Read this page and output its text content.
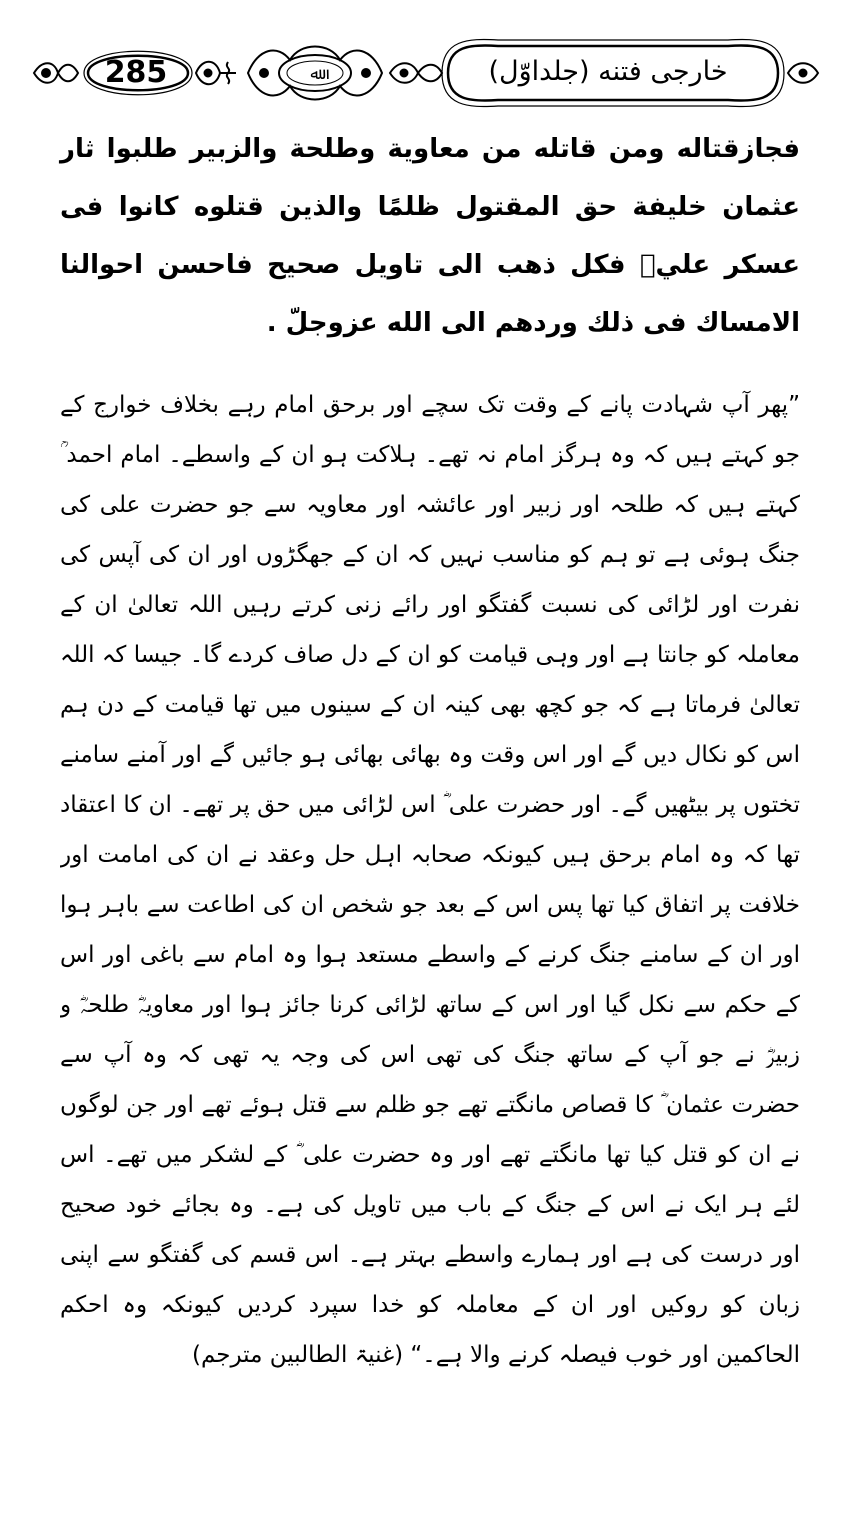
ﷲ
285	خارجی فتنه (جلداوّل)
فجازقتاله ومن قاتله من معاوية وطلحة والزبير طلبوا ثار عثمان خليفة حق المقتول ظلمًا والذين قتلوه كانوا فى عسكر عليؓ فكل ذهب الى تاويل صحيح فاحسن احوالنا الامساك فى ذلك وردهم الى الله عزوجلّ .

”پھر آپ شہادت پانے کے وقت تک سچے اور برحق امام رہے بخلاف خوارج کے جو کہتے ہیں کہ وہ ہرگز امام نہ تھے۔ ہلاکت ہو ان کے واسطے۔ امام احمد ؒ کہتے ہیں کہ طلحہ اور زبیر اور عائشہ اور معاویہ سے جو حضرت علی کی جنگ ہوئی ہے تو ہم کو مناسب نہیں کہ ان کے جھگڑوں اور ان کی آپس کی نفرت اور لڑائی کی نسبت گفتگو اور رائے زنی کرتے رہیں اللہ تعالیٰ ان کے معاملہ کو جانتا ہے اور وہی قیامت کو ان کے دل صاف کردے گا۔ جیسا کہ اللہ تعالیٰ فرماتا ہے کہ جو کچھ بھی کینہ ان کے سینوں میں تھا قیامت کے دن ہم اس کو نکال دیں گے اور اس وقت وہ بھائی بھائی ہو جائیں گے اور آمنے سامنے تختوں پر بیٹھیں گے۔ اور حضرت علی ؓ اس لڑائی میں حق پر تھے۔ ان کا اعتقاد تھا کہ وہ امام برحق ہیں کیونکہ صحابہ اہل حل وعقد نے ان کی امامت اور خلافت پر اتفاق کیا تھا پس اس کے بعد جو شخص ان کی اطاعت سے باہر ہوا اور ان کے سامنے جنگ کرنے کے واسطے مستعد ہوا وہ امام سے باغی اور اس کے حکم سے نکل گیا اور اس کے ساتھ لڑائی کرنا جائز ہوا اور معاویہؓ طلحہؓ و زبیرؓ نے جو آپ کے ساتھ جنگ کی تھی اس کی وجہ یہ تھی کہ وہ آپ سے حضرت عثمان ؓ کا قصاص مانگتے تھے جو ظلم سے قتل ہوئے تھے اور جن لوگوں نے ان کو قتل کیا تھا مانگتے تھے اور وہ حضرت علی ؓ کے لشکر میں تھے۔ اس لئے ہر ایک نے اس کے جنگ کے باب میں تاویل کی ہے۔ وہ بجائے خود صحیح اور درست کی ہے اور ہمارے واسطے بہتر ہے۔ اس قسم کی گفتگو سے اپنی زبان کو روکیں اور ان کے معاملہ کو خدا سپرد کردیں کیونکہ وہ احکم الحاکمین اور خوب فیصلہ کرنے والا ہے۔“ (غنیۃ الطالبین مترجم)
